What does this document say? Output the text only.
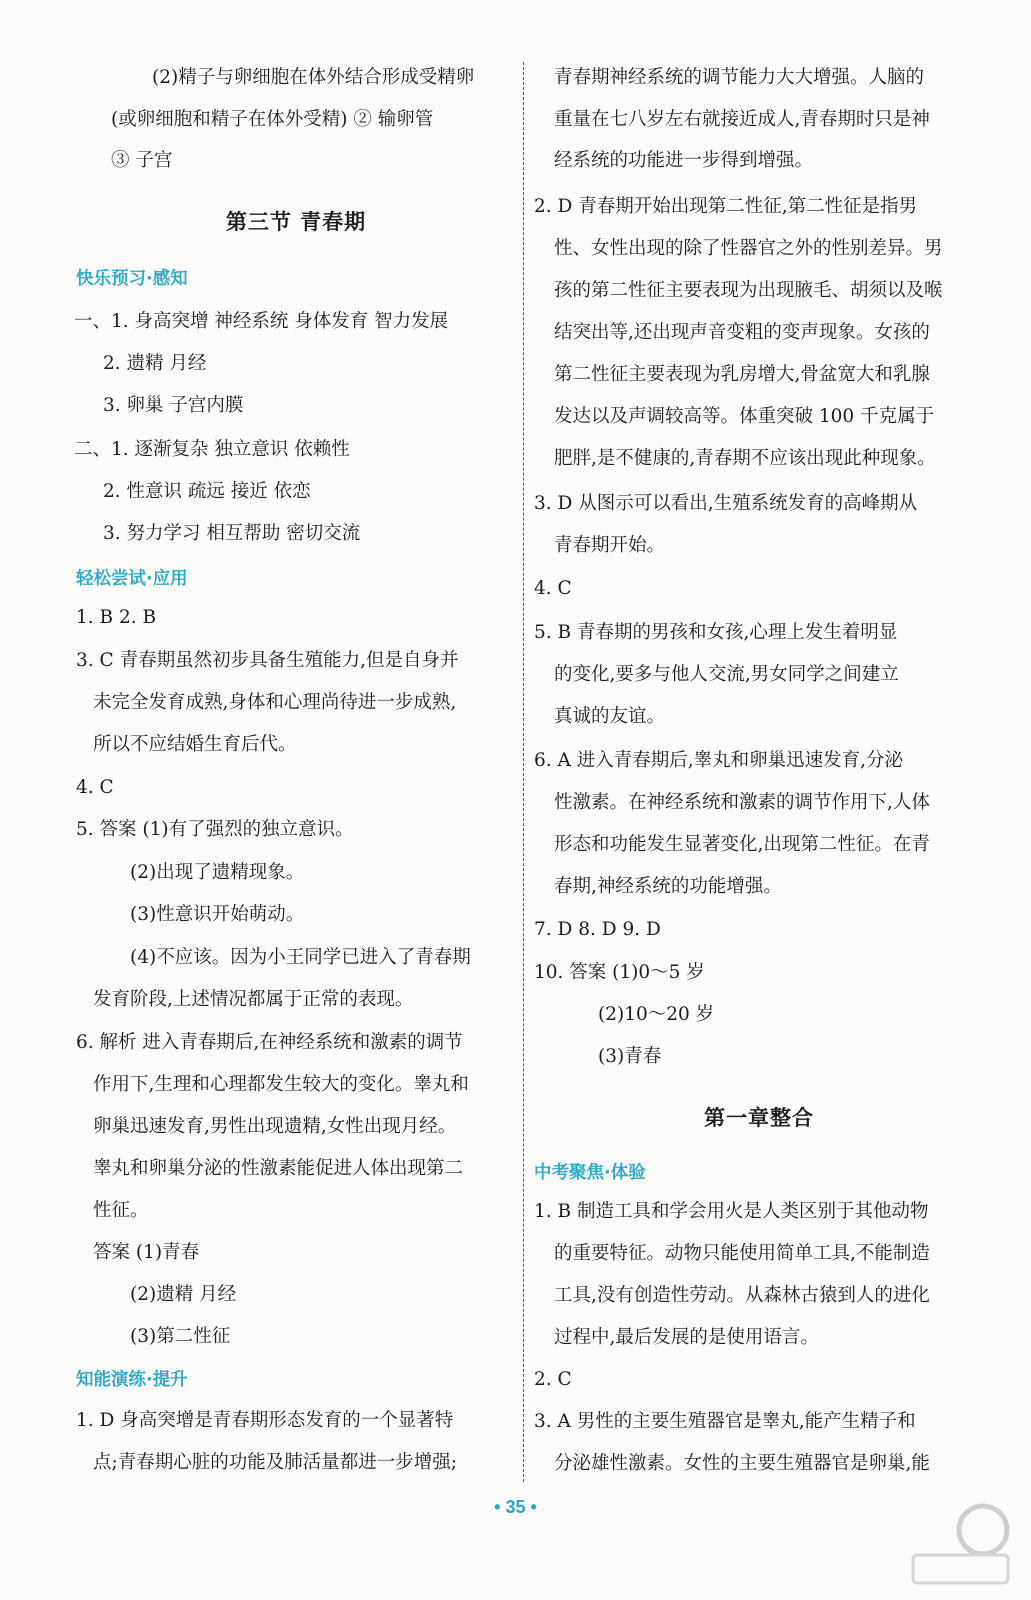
(2)精子与卵细胞在体外结合形成受精卵
(或卵细胞和精子在体外受精) ② 输卵管
③ 子宫
第三节 青春期
快乐预习·感知
一、1. 身高突增 神经系统 身体发育 智力发展
2. 遗精 月经
3. 卵巢 子宫内膜
二、1. 逐渐复杂 独立意识 依赖性
2. 性意识 疏远 接近 依恋
3. 努力学习 相互帮助 密切交流
轻松尝试·应用
1. B 2. B
3. C 青春期虽然初步具备生殖能力,但是自身并
未完全发育成熟,身体和心理尚待进一步成熟,
所以不应结婚生育后代。
4. C
5. 答案 (1)有了强烈的独立意识。
(2)出现了遗精现象。
(3)性意识开始萌动。
(4)不应该。因为小王同学已进入了青春期
发育阶段,上述情况都属于正常的表现。
6. 解析 进入青春期后,在神经系统和激素的调节
作用下,生理和心理都发生较大的变化。睾丸和
卵巢迅速发育,男性出现遗精,女性出现月经。
睾丸和卵巢分泌的性激素能促进人体出现第二
性征。
答案 (1)青春
(2)遗精 月经
(3)第二性征
知能演练·提升
1. D 身高突增是青春期形态发育的一个显著特
点;青春期心脏的功能及肺活量都进一步增强;
青春期神经系统的调节能力大大增强。人脑的
重量在七八岁左右就接近成人,青春期时只是神
经系统的功能进一步得到增强。
2. D 青春期开始出现第二性征,第二性征是指男
性、女性出现的除了性器官之外的性别差异。男
孩的第二性征主要表现为出现腋毛、胡须以及喉
结突出等,还出现声音变粗的变声现象。女孩的
第二性征主要表现为乳房增大,骨盆宽大和乳腺
发达以及声调较高等。体重突破 100 千克属于
肥胖,是不健康的,青春期不应该出现此种现象。
3. D 从图示可以看出,生殖系统发育的高峰期从
青春期开始。
4. C
5. B 青春期的男孩和女孩,心理上发生着明显
的变化,要多与他人交流,男女同学之间建立
真诚的友谊。
6. A 进入青春期后,睾丸和卵巢迅速发育,分泌
性激素。在神经系统和激素的调节作用下,人体
形态和功能发生显著变化,出现第二性征。在青
春期,神经系统的功能增强。
7. D 8. D 9. D
10. 答案 (1)0～5 岁
(2)10～20 岁
(3)青春
第一章整合
中考聚焦·体验
1. B 制造工具和学会用火是人类区别于其他动物
的重要特征。动物只能使用简单工具,不能制造
工具,没有创造性劳动。从森林古猿到人的进化
过程中,最后发展的是使用语言。
2. C
3. A 男性的主要生殖器官是睾丸,能产生精子和
分泌雄性激素。女性的主要生殖器官是卵巢,能
• 35 •
